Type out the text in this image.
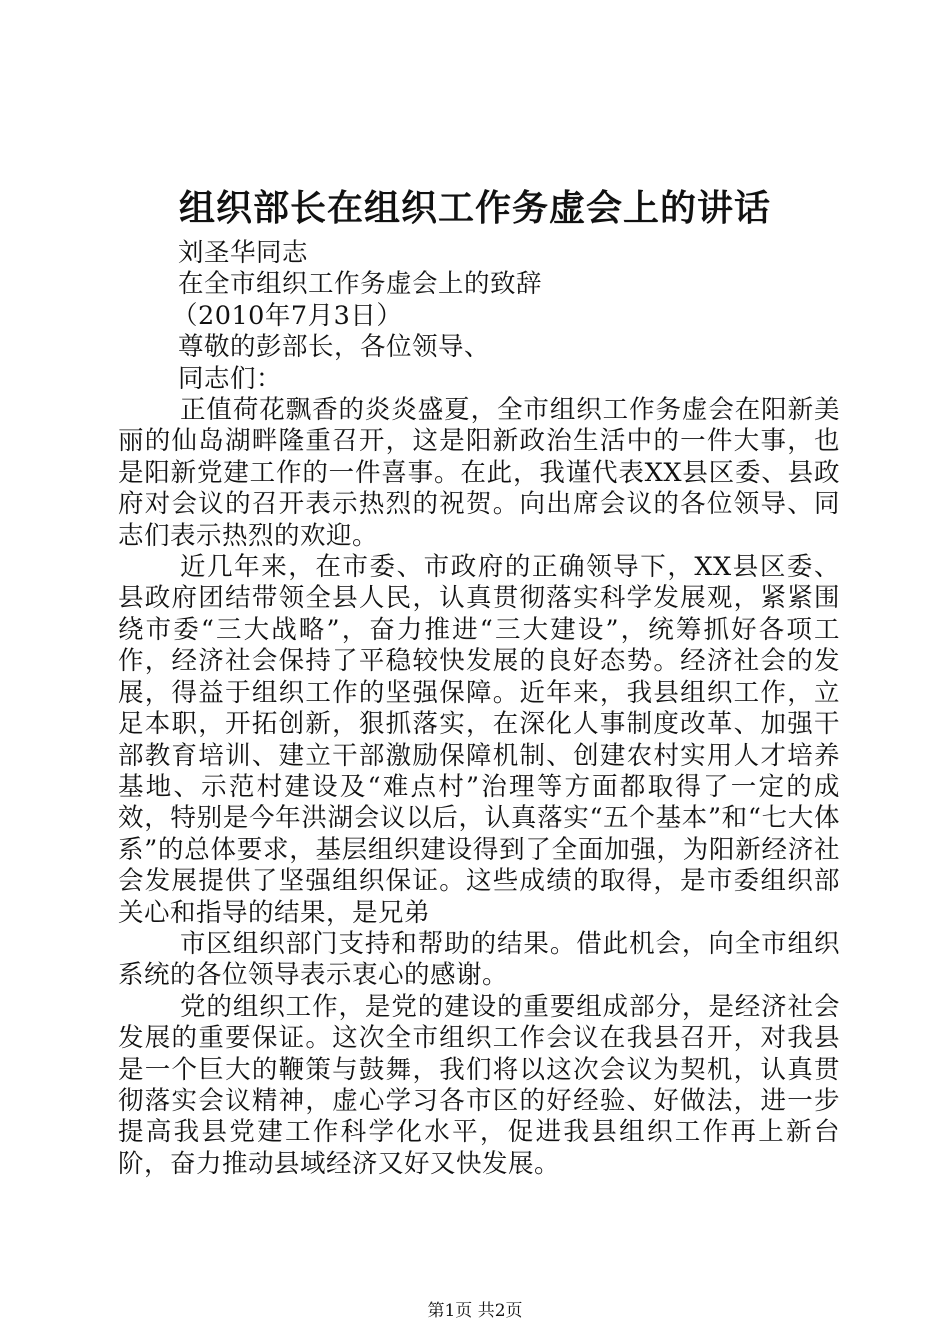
组织部长在组织工作务虚会上的讲话

刘圣华同志

在全市组织工作务虚会上的致辞

（2010年7月3日）

尊敬的彭部长，各位领导、

同志们：

正值荷花飘香的炎炎盛夏，全市组织工作务虚会在阳新美丽的仙岛湖畔隆重召开，这是阳新政治生活中的一件大事，也是阳新党建工作的一件喜事。在此，我谨代表XX县区委、县政府对会议的召开表示热烈的祝贺。向出席会议的各位领导、同志们表示热烈的欢迎。

近几年来，在市委、市政府的正确领导下，XX县区委、县政府团结带领全县人民，认真贯彻落实科学发展观，紧紧围绕市委“三大战略”，奋力推进“三大建设”，统筹抓好各项工作，经济社会保持了平稳较快发展的良好态势。经济社会的发展，得益于组织工作的坚强保障。近年来，我县组织工作，立足本职，开拓创新，狠抓落实，在深化人事制度改革、加强干部教育培训、建立干部激励保障机制、创建农村实用人才培养基地、示范村建设及“难点村”治理等方面都取得了一定的成效，特别是今年洪湖会议以后，认真落实“五个基本”和“七大体系”的总体要求，基层组织建设得到了全面加强，为阳新经济社会发展提供了坚强组织保证。这些成绩的取得，是市委组织部关心和指导的结果，是兄弟

市区组织部门支持和帮助的结果。借此机会，向全市组织系统的各位领导表示衷心的感谢。

党的组织工作，是党的建设的重要组成部分，是经济社会发展的重要保证。这次全市组织工作会议在我县召开，对我县是一个巨大的鞭策与鼓舞，我们将以这次会议为契机，认真贯彻落实会议精神，虚心学习各市区的好经验、好做法，进一步提高我县党建工作科学化水平，促进我县组织工作再上新台阶，奋力推动县域经济又好又快发展。

第1页 共2页
